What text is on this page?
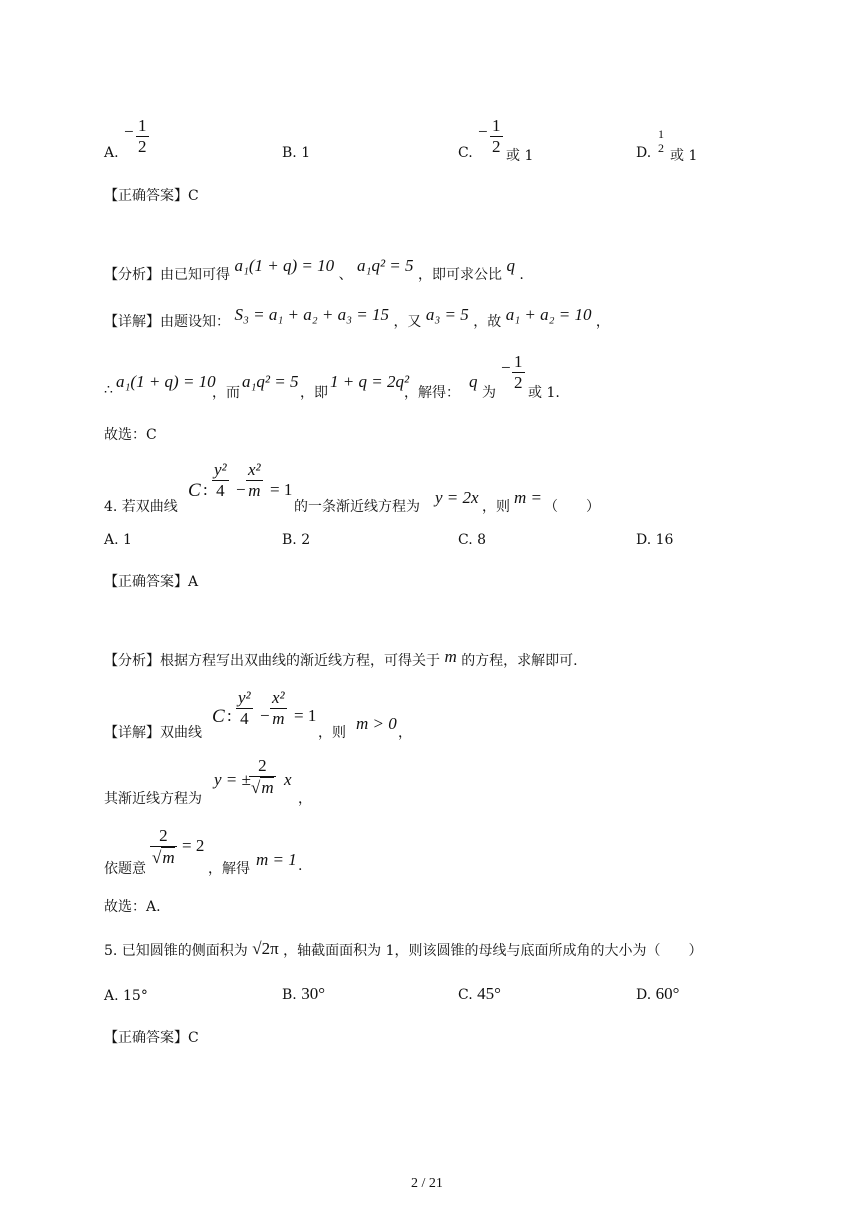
A.
− $\frac{1}{2}$	B. 1	C.
− $\frac{1}{2}$ 或 1	D.
1
2
或 1
【正确答案】C
【分析】由已知可得 a₁(1 + q) = 10 、 a₁q² = 5 ，即可求公比 q .
【详解】由题设知： S₃ = a₁ + a₂ + a₃ = 15 ，又 a₃ = 5 ，故 a₁ + a₂ = 10 ，
∴ a₁(1 + q) = 10
，而
a₁q² = 5
，即
1 + q = 2q²
，解得：
q
为
− $\frac{1}{2}$
或 1.
故选：C
4. 若双曲线
C : $\frac{\text{y²}}{4} - \frac{\text{x²}}{m} = 1$
的一条渐近线方程为 y = 2x ，则 m = （　　）
A. 1	B. 2	C. 8	D. 16
【正确答案】A
【分析】根据方程写出双曲线的渐近线方程，可得关于 m 的方程，求解即可.
【详解】双曲线
C : $\frac{\text{y²}}{4} - \frac{\text{x²}}{m} = 1$
，则 m > 0 ，
其渐近线方程为
y = ±
$\frac{2}{√m}$ x
，
依题意
$\frac{2}{√m} = 2$
，解得 m = 1 .
故选：A.
5. 已知圆锥的侧面积为 √2π ，轴截面面积为 1，则该圆锥的母线与底面所成角的大小为（　　）
A. 15°	B. 30°	C. 45°	D. 60°
【正确答案】C
2 / 21
